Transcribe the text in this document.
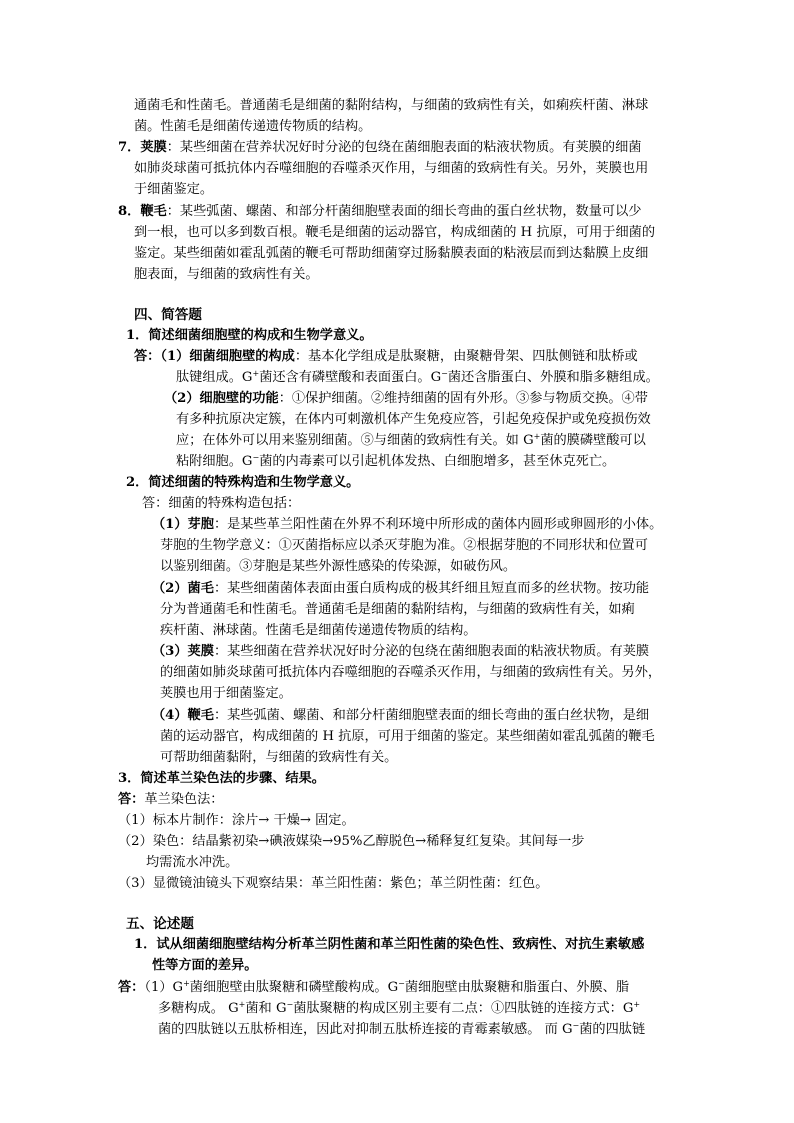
通菌毛和性菌毛。普通菌毛是细菌的黏附结构，与细菌的致病性有关，如痢疾杆菌、淋球
菌。性菌毛是细菌传递遗传物质的结构。
7．荚膜：某些细菌在营养状况好时分泌的包绕在菌细胞表面的粘液状物质。有荚膜的细菌
如肺炎球菌可抵抗体内吞噬细胞的吞噬杀灭作用，与细菌的致病性有关。另外，荚膜也用
于细菌鉴定。
8．鞭毛：某些弧菌、螺菌、和部分杆菌细胞壁表面的细长弯曲的蛋白丝状物，数量可以少
到一根，也可以多到数百根。鞭毛是细菌的运动器官，构成细菌的 H 抗原，可用于细菌的
鉴定。某些细菌如霍乱弧菌的鞭毛可帮助细菌穿过肠黏膜表面的粘液层而到达黏膜上皮细
胞表面，与细菌的致病性有关。
四、简答题
1．简述细菌细胞壁的构成和生物学意义。
答：（1）细菌细胞壁的构成：基本化学组成是肽聚糖，由聚糖骨架、四肽侧链和肽桥或
肽键组成。G+菌还含有磷壁酸和表面蛋白。G−菌还含脂蛋白、外膜和脂多糖组成。
（2）细胞壁的功能：①保护细菌。②维持细菌的固有外形。③参与物质交换。④带
有多种抗原决定簇，在体内可刺激机体产生免疫应答，引起免疫保护或免疫损伤效
应；在体外可以用来鉴别细菌。⑤与细菌的致病性有关。如 G+菌的膜磷壁酸可以
粘附细胞。G−菌的内毒素可以引起机体发热、白细胞增多，甚至休克死亡。
2．简述细菌的特殊构造和生物学意义。
答：细菌的特殊构造包括：
（1）芽胞：是某些革兰阳性菌在外界不利环境中所形成的菌体内圆形或卵圆形的小体。
芽胞的生物学意义：①灭菌指标应以杀灭芽胞为准。②根据芽胞的不同形状和位置可
以鉴别细菌。③芽胞是某些外源性感染的传染源，如破伤风。
（2）菌毛：某些细菌菌体表面由蛋白质构成的极其纤细且短直而多的丝状物。按功能
分为普通菌毛和性菌毛。普通菌毛是细菌的黏附结构，与细菌的致病性有关，如痢
疾杆菌、淋球菌。性菌毛是细菌传递遗传物质的结构。
（3）荚膜：某些细菌在营养状况好时分泌的包绕在菌细胞表面的粘液状物质。有荚膜
的细菌如肺炎球菌可抵抗体内吞噬细胞的吞噬杀灭作用，与细菌的致病性有关。另外，
荚膜也用于细菌鉴定。
（4）鞭毛：某些弧菌、螺菌、和部分杆菌细胞壁表面的细长弯曲的蛋白丝状物，是细
菌的运动器官，构成细菌的 H 抗原，可用于细菌的鉴定。某些细菌如霍乱弧菌的鞭毛
可帮助细菌黏附，与细菌的致病性有关。
3．简述革兰染色法的步骤、结果。
答：革兰染色法：
（1）标本片制作：涂片→ 干燥→ 固定。
（2）染色：结晶紫初染→碘液媒染→95%乙醇脱色→稀释复红复染。其间每一步
均需流水冲洗。
（3）显微镜油镜头下观察结果：革兰阳性菌：紫色；革兰阴性菌：红色。
五、论述题
1．试从细菌细胞壁结构分析革兰阴性菌和革兰阳性菌的染色性、致病性、对抗生素敏感
性等方面的差异。
答：（1）G+菌细胞壁由肽聚糖和磷壁酸构成。G−菌细胞壁由肽聚糖和脂蛋白、外膜、脂
多糖构成。 G+菌和 G−菌肽聚糖的构成区别主要有二点：①四肽链的连接方式：G+
菌的四肽链以五肽桥相连，因此对抑制五肽桥连接的青霉素敏感。 而 G−菌的四肽链
